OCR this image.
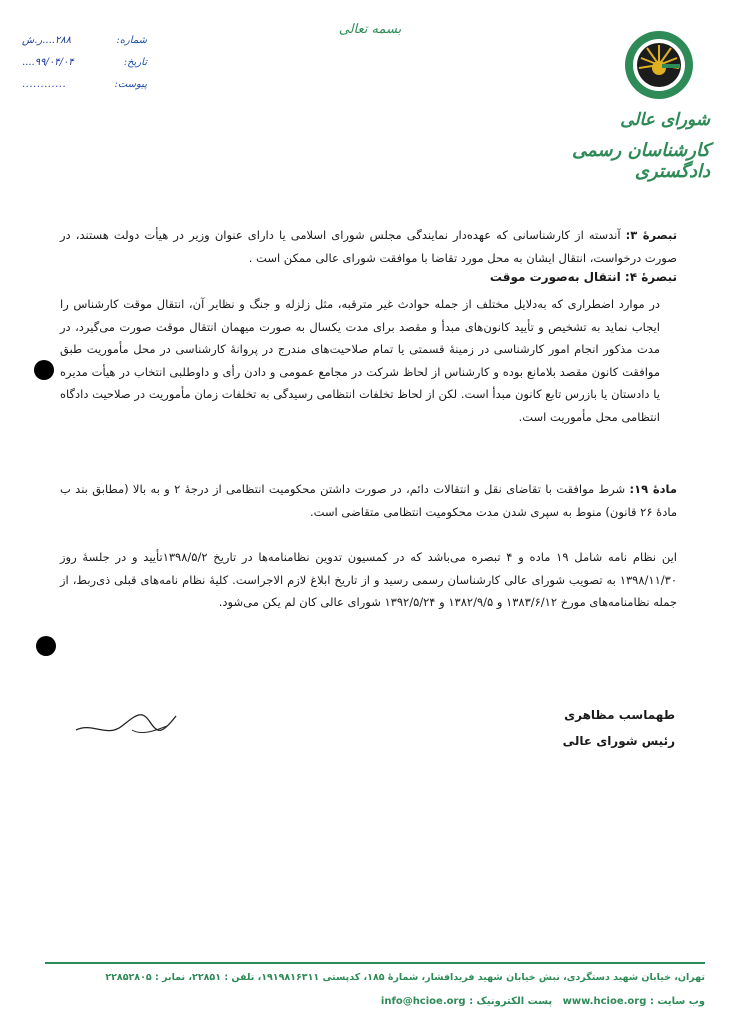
بسمه تعالی
شماره:
۲۸۸....ر.ش
تاریخ:
۹۹/۰۴/۰۴....
پیوست:
............
شورای عالی
کارشناسان رسمی دادگستری
تبصرهٔ ۳: آندسته از کارشناسانی که عهده‌دار نمایندگی مجلس شورای اسلامی یا دارای عنوان وزیر در هیأت دولت هستند، در صورت درخواست، انتقال ایشان به محل مورد تقاضا با موافقت شورای عالی ممکن است .
تبصرهٔ ۴: انتقال به‌صورت موقت
در موارد اضطراری که به‌دلایل مختلف از جمله حوادث غیر مترقبه، مثل زلزله و جنگ و نظایر آن، انتقال موقت کارشناس را ایجاب نماید به تشخیص و تأیید کانون‌های مبدأ و مقصد برای مدت یکسال به صورت میهمان انتقال موقت صورت می‌گیرد، در مدت مذکور انجام امور کارشناسی در زمینهٔ قسمتی یا تمام صلاحیت‌های مندرج در پروانهٔ کارشناسی در محل مأموریت طبق موافقت کانون مقصد بلامانع بوده و کارشناس از لحاظ شرکت در مجامع عمومی و دادن رأی و داوطلبی انتخاب در هیأت مدیره یا دادستان یا بازرس تابع کانون مبدأ است. لکن از لحاظ تخلفات انتظامی رسیدگی به تخلفات زمان مأموریت در صلاحیت دادگاه انتظامی محل مأموریت است.
مادهٔ ۱۹: شرط موافقت با تقاضای نقل و انتقالات دائم، در صورت داشتن محکومیت انتظامی از درجهٔ ۲ و به بالا (مطابق بند ب مادهٔ ۲۶ قانون) منوط به سپری شدن مدت محکومیت انتظامی متقاضی است.
این نظام نامه شامل ۱۹ ماده و ۴ تبصره می‌باشد که در کمسیون تدوین نظامنامه‌ها در تاریخ ۱۳۹۸/۵/۲تأیید و در جلسهٔ روز ۱۳۹۸/۱۱/۳۰ به تصویب شورای عالی کارشناسان رسمی رسید و از تاریخ ابلاغ لازم الاجراست. کلیهٔ نظام نامه‌های قبلی ذی‌ربط، از جمله نظامنامه‌های مورخ ۱۳۸۳/۶/۱۲ و ۱۳۸۲/۹/۵ و ۱۳۹۲/۵/۲۴ شورای عالی کان لم یکن می‌شود.
طهماسب مظاهری
رئیس شورای عالی
تهران، خیابان شهید دستگردی، نبش خیابان شهید فریدافشار، شمارهٔ ۱۸۵، کدپستی ۱۹۱۹۸۱۶۳۱۱، تلفن : ۲۲۸۵۱، نمابر : ۲۲۸۵۲۸۰۵
وب سایت : www.hcioe.org   پست الکترونیک : info@hcioe.org
